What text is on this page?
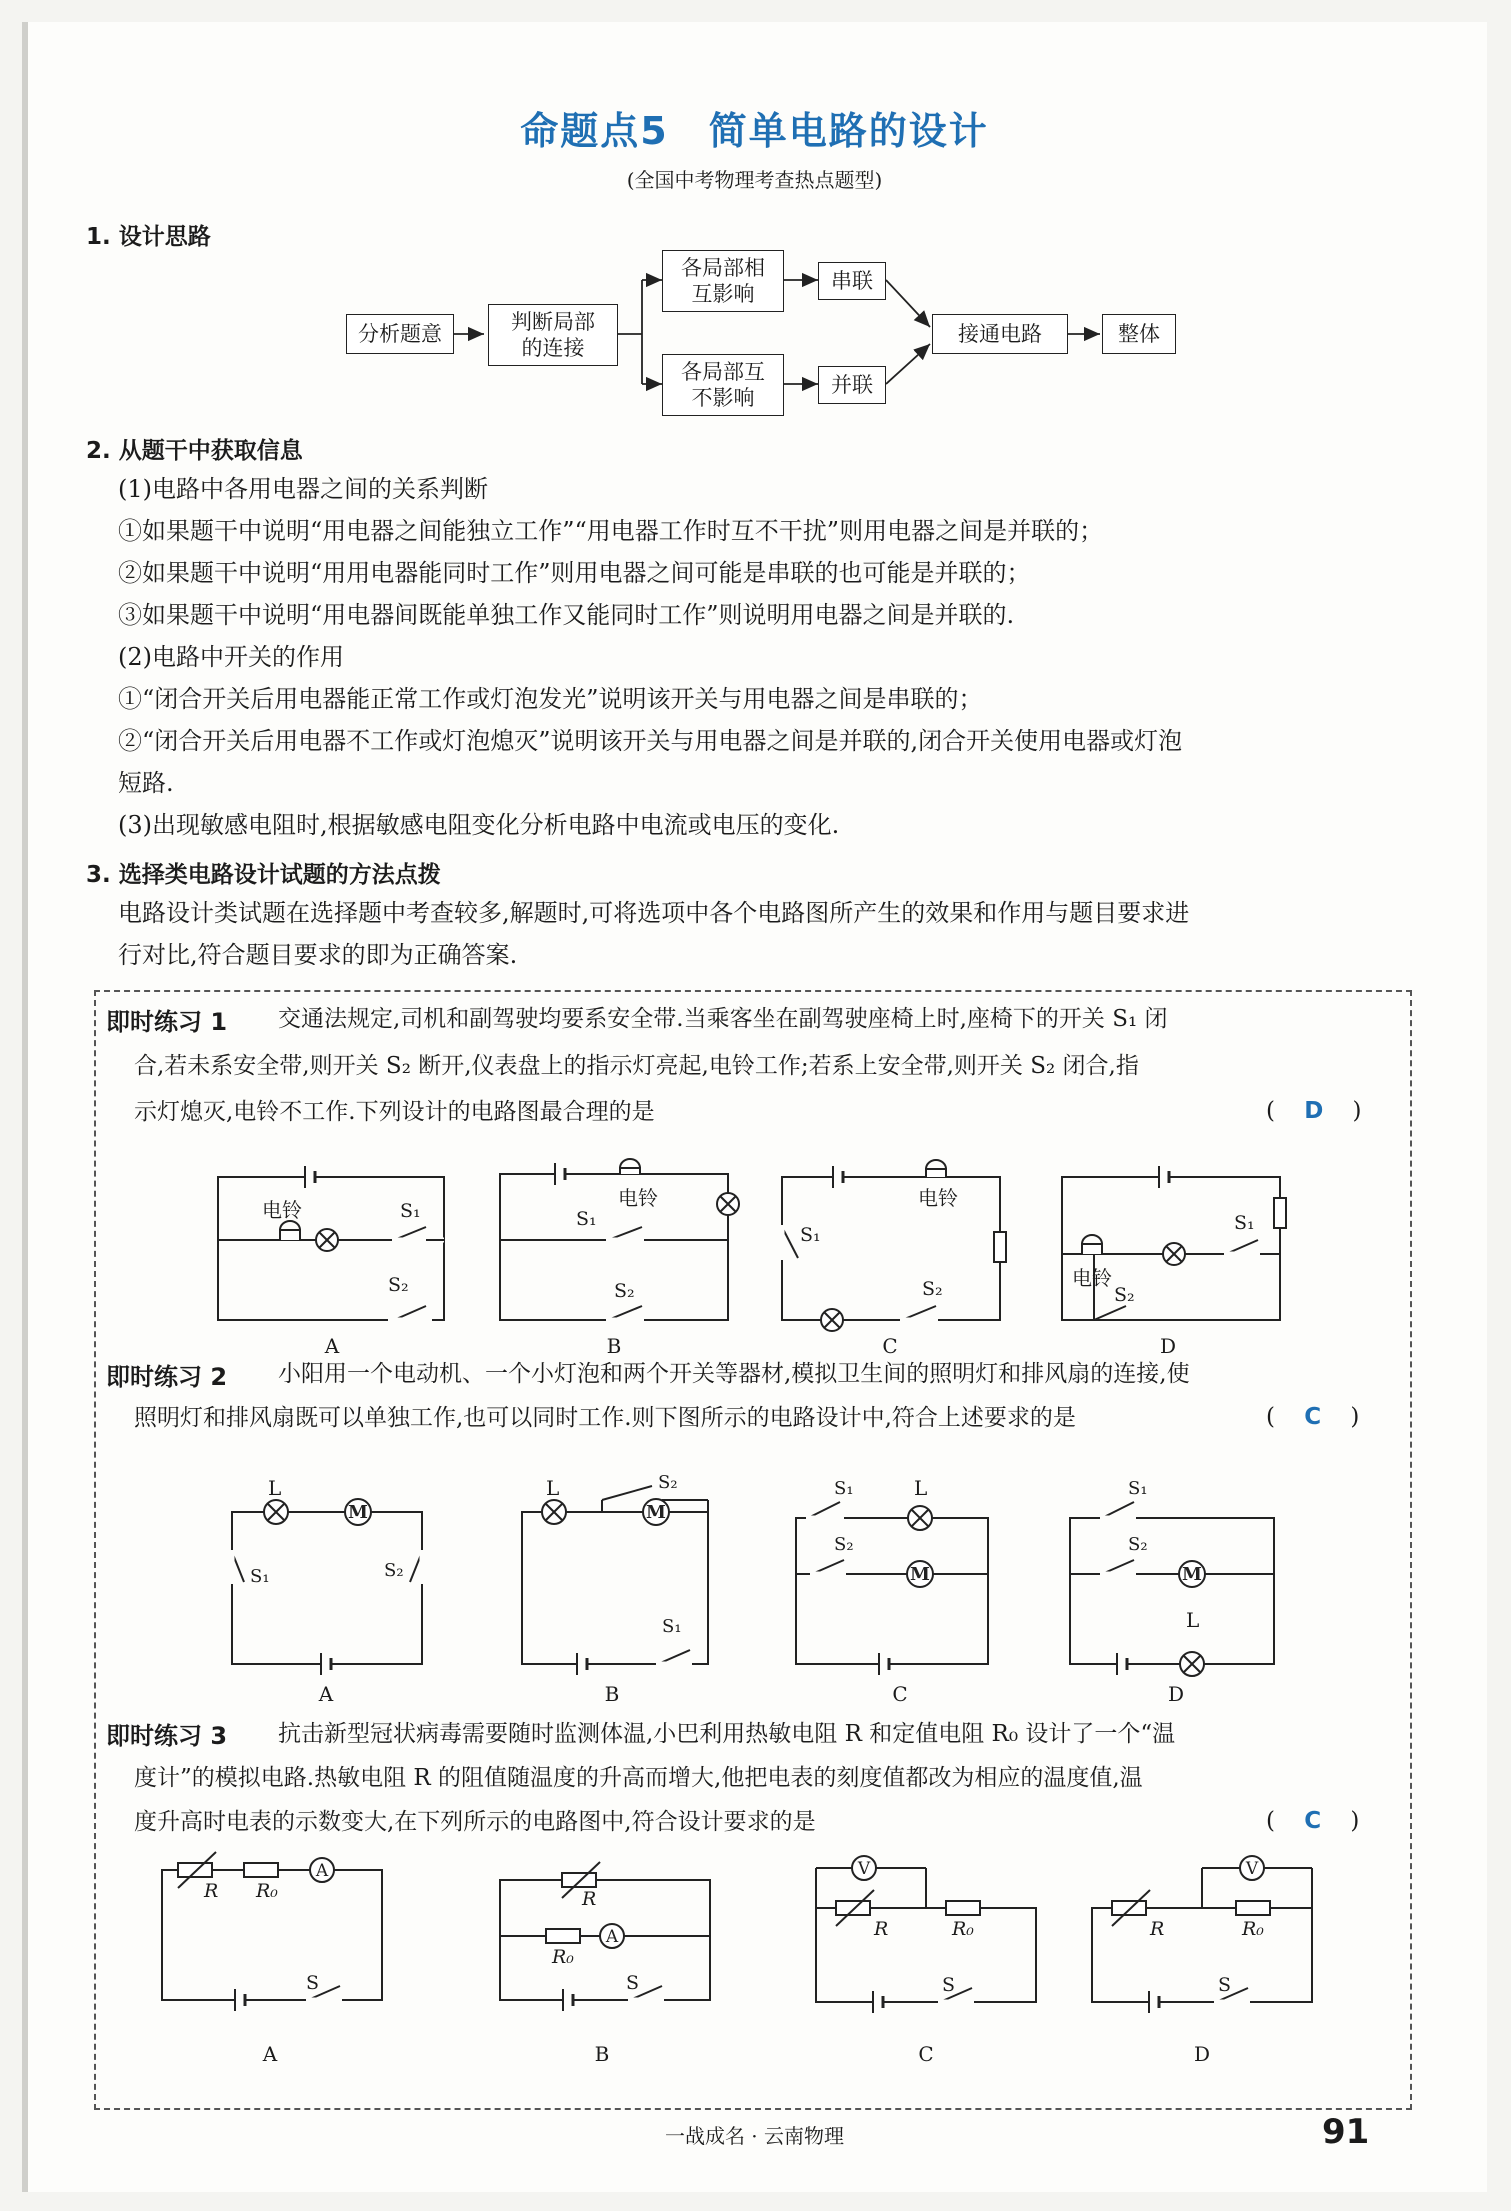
命题点5　简单电路的设计
(全国中考物理考查热点题型)
1. 设计思路
分析题意	判断局部
的连接
各局部相
互影响
各局部互
不影响
串联
并联
接通电路	整体
2. 从题干中获取信息
(1)电路中各用电器之间的关系判断
①如果题干中说明“用电器之间能独立工作”“用电器工作时互不干扰”则用电器之间是并联的；
②如果题干中说明“用用电器能同时工作”则用电器之间可能是串联的也可能是并联的；
③如果题干中说明“用电器间既能单独工作又能同时工作”则说明用电器之间是并联的.
(2)电路中开关的作用
①“闭合开关后用电器能正常工作或灯泡发光”说明该开关与用电器之间是串联的；
②“闭合开关后用电器不工作或灯泡熄灭”说明该开关与用电器之间是并联的,闭合开关使用电器或灯泡
短路.
(3)出现敏感电阻时,根据敏感电阻变化分析电路中电流或电压的变化.
3. 选择类电路设计试题的方法点拨
电路设计类试题在选择题中考查较多,解题时,可将选项中各个电路图所产生的效果和作用与题目要求进
行对比,符合题目要求的即为正确答案.
即时练习 1 交通法规定,司机和副驾驶均要系安全带.当乘客坐在副驾驶座椅上时,座椅下的开关 S₁ 闭
合,若未系安全带,则开关 S₂ 断开,仪表盘上的指示灯亮起,电铃工作;若系上安全带,则开关 S₂ 闭合,指
示灯熄灭,电铃不工作.下列设计的电路图最合理的是	(    D    )
电铃	S₁
S₂
电铃
S₁
S₂
电铃
S₁
S₂	电铃
S₁
S₂
A	B	C	D
即时练习 2 小阳用一个电动机、一个小灯泡和两个开关等器材,模拟卫生间的照明灯和排风扇的连接,使
照明灯和排风扇既可以单独工作,也可以同时工作.则下图所示的电路设计中,符合上述要求的是	(    C    )
M	M
M	M
L
S₁	S₂
L	S₂
S₁
S₁	L
S₂
S₁
S₂
L
A	B	C	D
即时练习 3 抗击新型冠状病毒需要随时监测体温,小巴利用热敏电阻 R 和定值电阻 R₀ 设计了一个“温
度计”的模拟电路.热敏电阻 R 的阻值随温度的升高而增大,他把电表的刻度值都改为相应的温度值,温
度升高时电表的示数变大,在下列所示的电路图中,符合设计要求的是	(    C    )
A
A
V	V
R R₀
S
R
R₀
S
R	R₀
S
R	R₀
S
A	B	C	D
一战成名 · 云南物理	91
